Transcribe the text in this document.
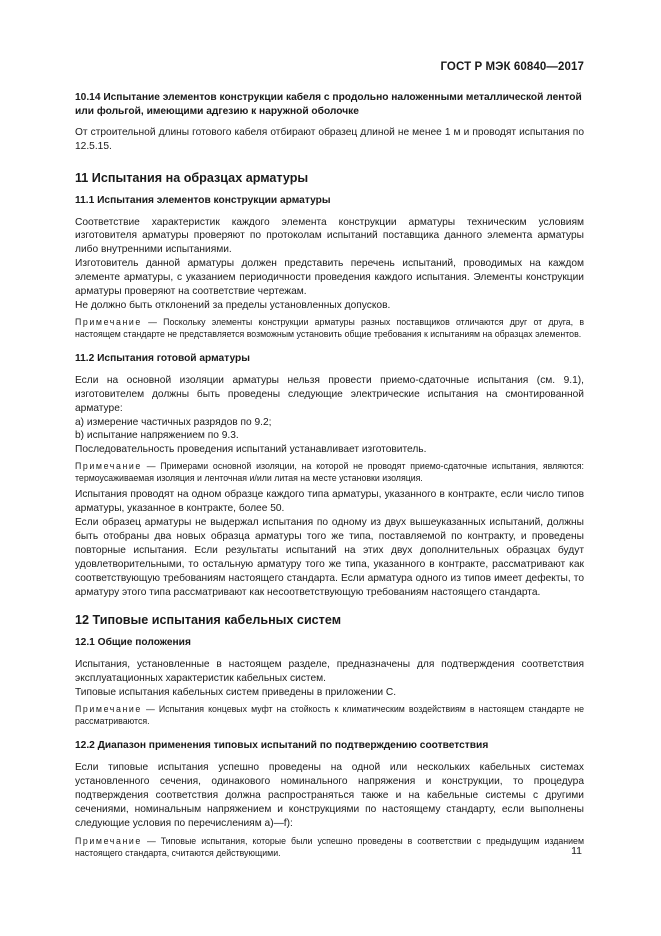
ГОСТ Р МЭК 60840—2017
10.14 Испытание элементов конструкции кабеля с продольно наложенными металлической лентой или фольгой, имеющими адгезию к наружной оболочке

От строительной длины готового кабеля отбирают образец длиной не менее 1 м и проводят испытания по 12.5.15.

11 Испытания на образцах арматуры
11.1 Испытания элементов конструкции арматуры

Соответствие характеристик каждого элемента конструкции арматуры техническим условиям изготовителя арматуры проверяют по протоколам испытаний поставщика данного элемента арматуры либо внутренними испытаниями.

Изготовитель данной арматуры должен представить перечень испытаний, проводимых на каждом элементе арматуры, с указанием периодичности проведения каждого испытания. Элементы конструкции арматуры проверяют на соответствие чертежам.

Не должно быть отклонений за пределы установленных допусков.

Примечание — Поскольку элементы конструкции арматуры разных поставщиков отличаются друг от друга, в настоящем стандарте не представляется возможным установить общие требования к испытаниям на образцах элементов.

11.2 Испытания готовой арматуры

Если на основной изоляции арматуры нельзя провести приемо-сдаточные испытания (см. 9.1), изготовителем должны быть проведены следующие электрические испытания на смонтированной арматуре:

a) измерение частичных разрядов по 9.2;

b) испытание напряжением по 9.3.

Последовательность проведения испытаний устанавливает изготовитель.

Примечание — Примерами основной изоляции, на которой не проводят приемо-сдаточные испытания, являются: термоусаживаемая изоляция и ленточная и/или литая на месте установки изоляция.

Испытания проводят на одном образце каждого типа арматуры, указанного в контракте, если число типов арматуры, указанное в контракте, более 50.

Если образец арматуры не выдержал испытания по одному из двух вышеуказанных испытаний, должны быть отобраны два новых образца арматуры того же типа, поставляемой по контракту, и проведены повторные испытания. Если результаты испытаний на этих двух дополнительных образцах будут удовлетворительными, то остальную арматуру того же типа, указанного в контракте, рассматривают как соответствующую требованиям настоящего стандарта. Если арматура одного из типов имеет дефекты, то арматуру этого типа рассматривают как несоответствующую требованиям настоящего стандарта.

12 Типовые испытания кабельных систем
12.1 Общие положения

Испытания, установленные в настоящем разделе, предназначены для подтверждения соответствия эксплуатационных характеристик кабельных систем.

Типовые испытания кабельных систем приведены в приложении С.

Примечание — Испытания концевых муфт на стойкость к климатическим воздействиям в настоящем стандарте не рассматриваются.

12.2 Диапазон применения типовых испытаний по подтверждению соответствия

Если типовые испытания успешно проведены на одной или нескольких кабельных системах установленного сечения, одинакового номинального напряжения и конструкции, то процедура подтверждения соответствия должна распространяться также и на кабельные системы с другими сечениями, номинальным напряжением и конструкциями по настоящему стандарту, если выполнены следующие условия по перечислениям а)—f):

Примечание — Типовые испытания, которые были успешно проведены в соответствии с предыдущим изданием настоящего стандарта, считаются действующими.	11
